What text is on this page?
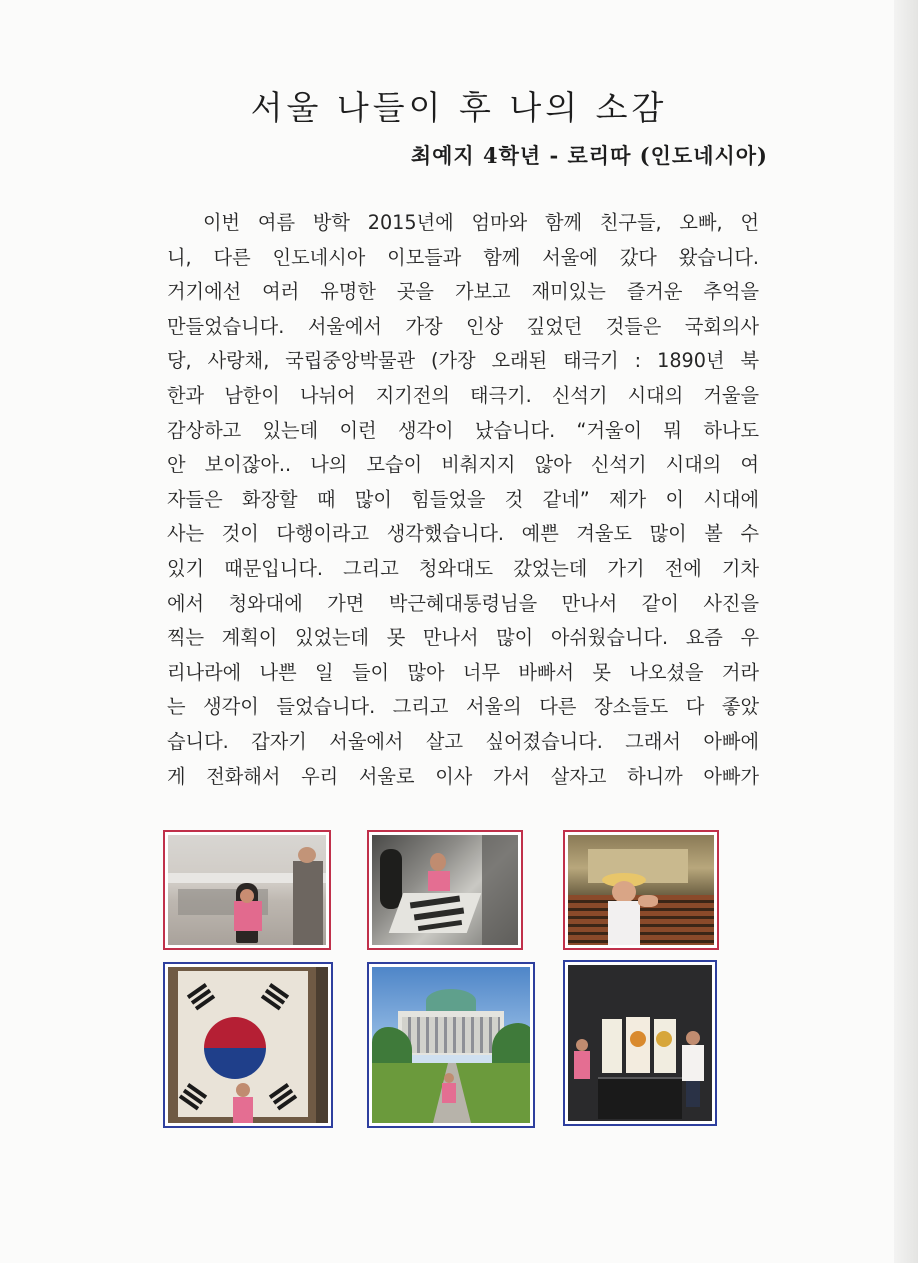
서울 나들이 후 나의 소감
최예지 4학년 - 로리따 (인도네시아)
이번 여름 방학 2015년에 엄마와 함께 친구들, 오빠, 언
니, 다른 인도네시아 이모들과 함께 서울에 갔다 왔습니다.
거기에선 여러 유명한 곳을 가보고 재미있는 즐거운 추억을
만들었습니다. 서울에서 가장 인상 깊었던 것들은 국회의사
당, 사랑채, 국립중앙박물관 (가장 오래된 태극기 : 1890년 북
한과 남한이 나뉘어 지기전의 태극기. 신석기 시대의 거울을
감상하고 있는데 이런 생각이 났습니다. “거울이 뭐 하나도
안 보이잖아.. 나의 모습이 비춰지지 않아 신석기 시대의 여
자들은 화장할 때 많이 힘들었을 것 같네” 제가 이 시대에
사는 것이 다행이라고 생각했습니다. 예쁜 겨울도 많이 볼 수
있기 때문입니다. 그리고 청와대도 갔었는데 가기 전에 기차
에서 청와대에 가면 박근혜대통령님을 만나서 같이 사진을
찍는 계획이 있었는데 못 만나서 많이 아쉬웠습니다. 요즘 우
리나라에 나쁜 일 들이 많아 너무 바빠서 못 나오셨을 거라
는 생각이 들었습니다. 그리고 서울의 다른 장소들도 다 좋았
습니다. 갑자기 서울에서 살고 싶어졌습니다. 그래서 아빠에
게 전화해서 우리 서울로 이사 가서 살자고 하니까 아빠가
